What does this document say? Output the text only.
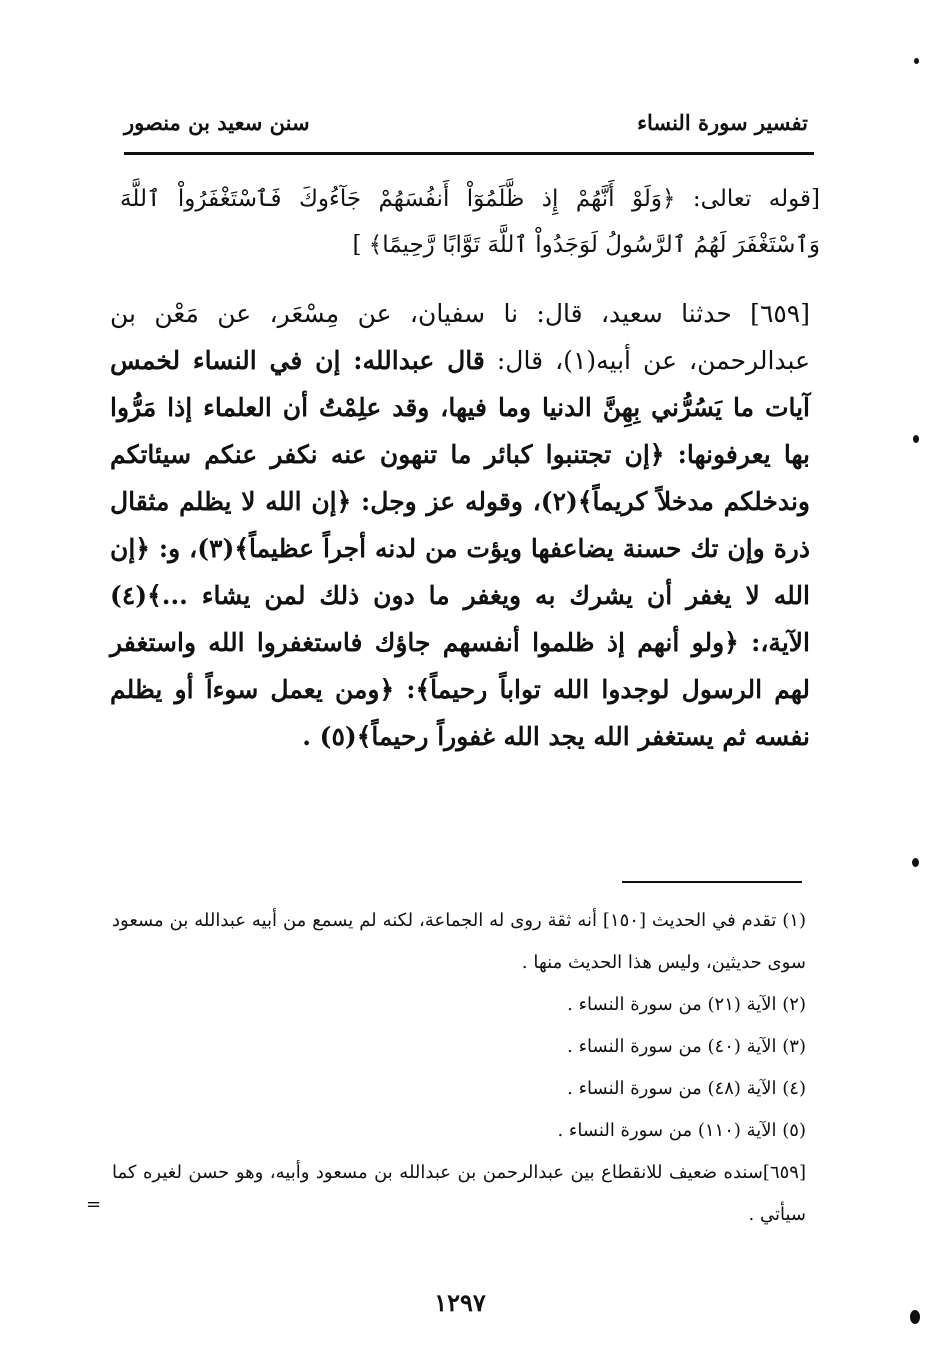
تفسير سورة النساء
سنن سعيد بن منصور
[قوله تعالى: ﴿وَلَوْ أَنَّهُمْ إِذ ظَّلَمُوٓاْ أَنفُسَهُمْ جَآءُوكَ فَٱسْتَغْفَرُواْ ٱللَّهَ وَٱسْتَغْفَرَ لَهُمُ ٱلرَّسُولُ لَوَجَدُواْ ٱللَّهَ تَوَّابًا رَّحِيمًا﴾ ]
[٦٥٩] حدثنا سعيد، قال: نا سفيان، عن مِسْعَر، عن مَعْن بن عبدالرحمن، عن أبيه(١)، قال: قال عبدالله: إن في النساء لخمس آيات ما يَسُرُّني بِهِنَّ الدنيا وما فيها، وقد علِمْتُ أن العلماء إذا مَرُّوا بها يعرفونها: ﴿إن تجتنبوا كبائر ما تنهون عنه نكفر عنكم سيئاتكم وندخلكم مدخلاً كريماً﴾(٢)، وقوله عز وجل: ﴿إن الله لا يظلم مثقال ذرة وإن تك حسنة يضاعفها ويؤت من لدنه أجراً عظيماً﴾(٣)، و: ﴿إن الله لا يغفر أن يشرك به ويغفر ما دون ذلك لمن يشاء ...﴾(٤) الآية،: ﴿ولو أنهم إذ ظلموا أنفسهم جاؤك فاستغفروا الله واستغفر لهم الرسول لوجدوا الله تواباً رحيماً﴾: ﴿ومن يعمل سوءاً أو يظلم نفسه ثم يستغفر الله يجد الله غفوراً رحيماً﴾(٥) .

(١) تقدم في الحديث [١٥٠] أنه ثقة روى له الجماعة، لكنه لم يسمع من أبيه عبدالله بن مسعود سوى حديثين، وليس هذا الحديث منها .

(٢) الآية (٢١) من سورة النساء .

(٣) الآية (٤٠) من سورة النساء .

(٤) الآية (٤٨) من سورة النساء .

(٥) الآية (١١٠) من سورة النساء .

[٦٥٩]سنده ضعيف للانقطاع بين عبدالرحمن بن عبدالله بن مسعود وأبيه، وهو حسن لغيره كما سيأتي .

=
١٢٩٧
